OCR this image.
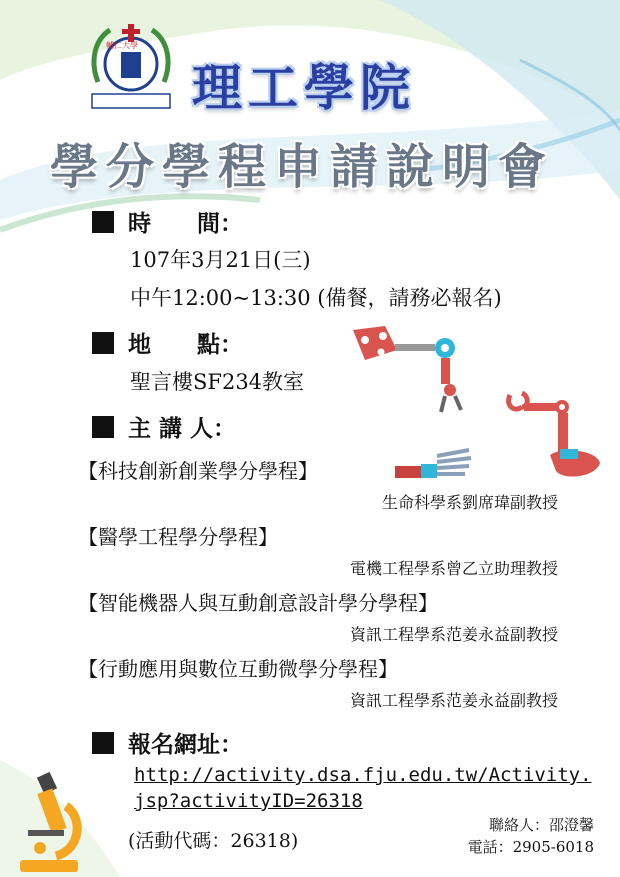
輔仁大學
理工學院
學分學程申請說明會
時　　間：
107年3月21日(三)
中午12:00~13:30 (備餐，請務必報名)
地　　點：
聖言樓SF234教室
主 講 人：
【科技創新創業學分學程】
生命科學系劉席瑋副教授
【醫學工程學分學程】
電機工程學系曾乙立助理教授
【智能機器人與互動創意設計學分學程】
資訊工程學系范姜永益副教授
【行動應用與數位互動微學分學程】
資訊工程學系范姜永益副教授
報名網址：
http://activity.dsa.fju.edu.tw/Activity.
jsp?activityID=26318
(活動代碼：26318)
聯絡人：邵澄馨
電話：2905-6018
